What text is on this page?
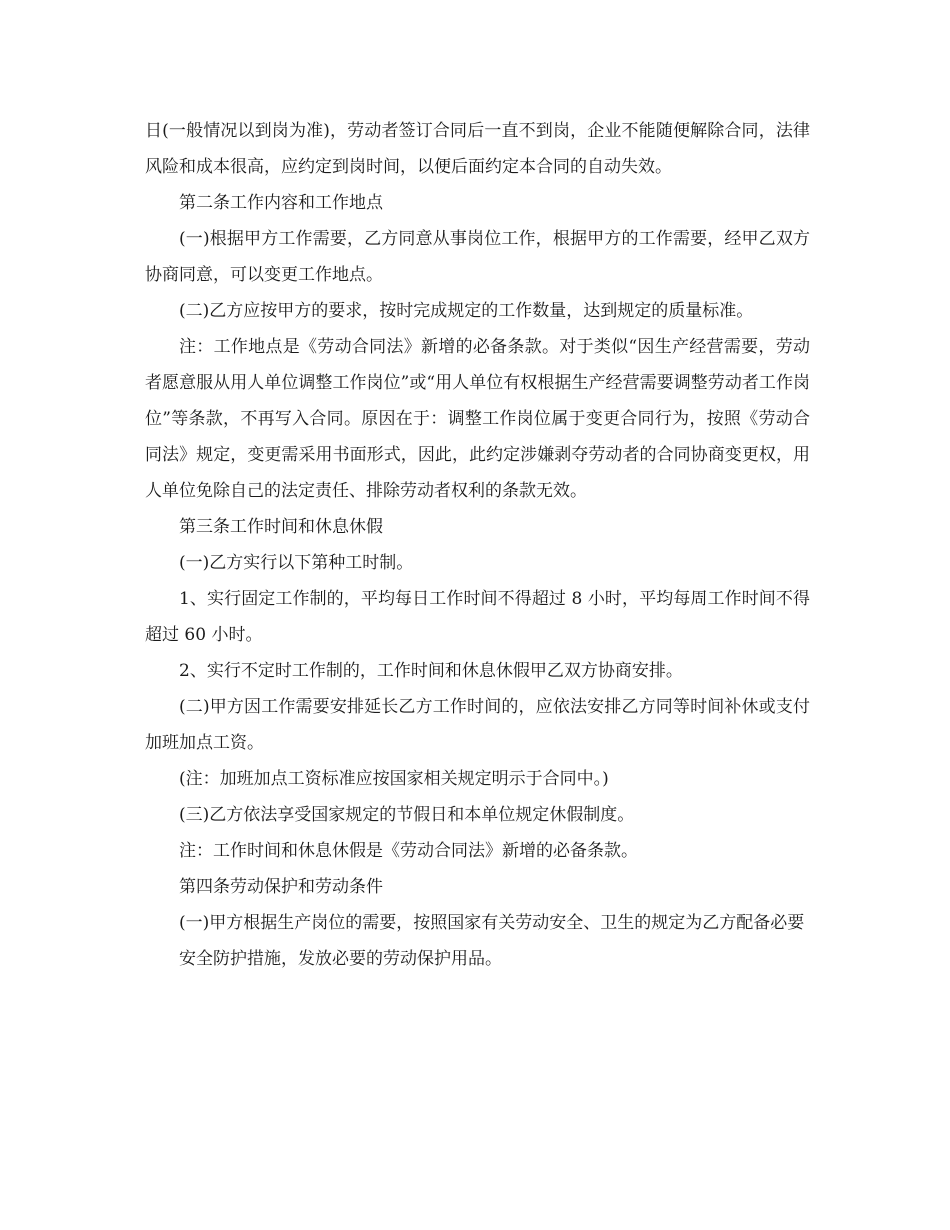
日(一般情况以到岗为准)，劳动者签订合同后一直不到岗，企业不能随便解除合同，法律风险和成本很高，应约定到岗时间，以便后面约定本合同的自动失效。

第二条工作内容和工作地点

(一)根据甲方工作需要，乙方同意从事岗位工作，根据甲方的工作需要，经甲乙双方协商同意，可以变更工作地点。

(二)乙方应按甲方的要求，按时完成规定的工作数量，达到规定的质量标准。

注：工作地点是《劳动合同法》新增的必备条款。对于类似“因生产经营需要，劳动者愿意服从用人单位调整工作岗位”或“用人单位有权根据生产经营需要调整劳动者工作岗位”等条款，不再写入合同。原因在于：调整工作岗位属于变更合同行为，按照《劳动合同法》规定，变更需采用书面形式，因此，此约定涉嫌剥夺劳动者的合同协商变更权，用人单位免除自己的法定责任、排除劳动者权利的条款无效。

第三条工作时间和休息休假

(一)乙方实行以下第种工时制。

1、实行固定工作制的，平均每日工作时间不得超过 8 小时，平均每周工作时间不得超过 60 小时。

2、实行不定时工作制的，工作时间和休息休假甲乙双方协商安排。

(二)甲方因工作需要安排延长乙方工作时间的，应依法安排乙方同等时间补休或支付加班加点工资。

(注：加班加点工资标准应按国家相关规定明示于合同中。)

(三)乙方依法享受国家规定的节假日和本单位规定休假制度。

注：工作时间和休息休假是《劳动合同法》新增的必备条款。

第四条劳动保护和劳动条件

(一)甲方根据生产岗位的需要，按照国家有关劳动安全、卫生的规定为乙方配备必要

安全防护措施，发放必要的劳动保护用品。
